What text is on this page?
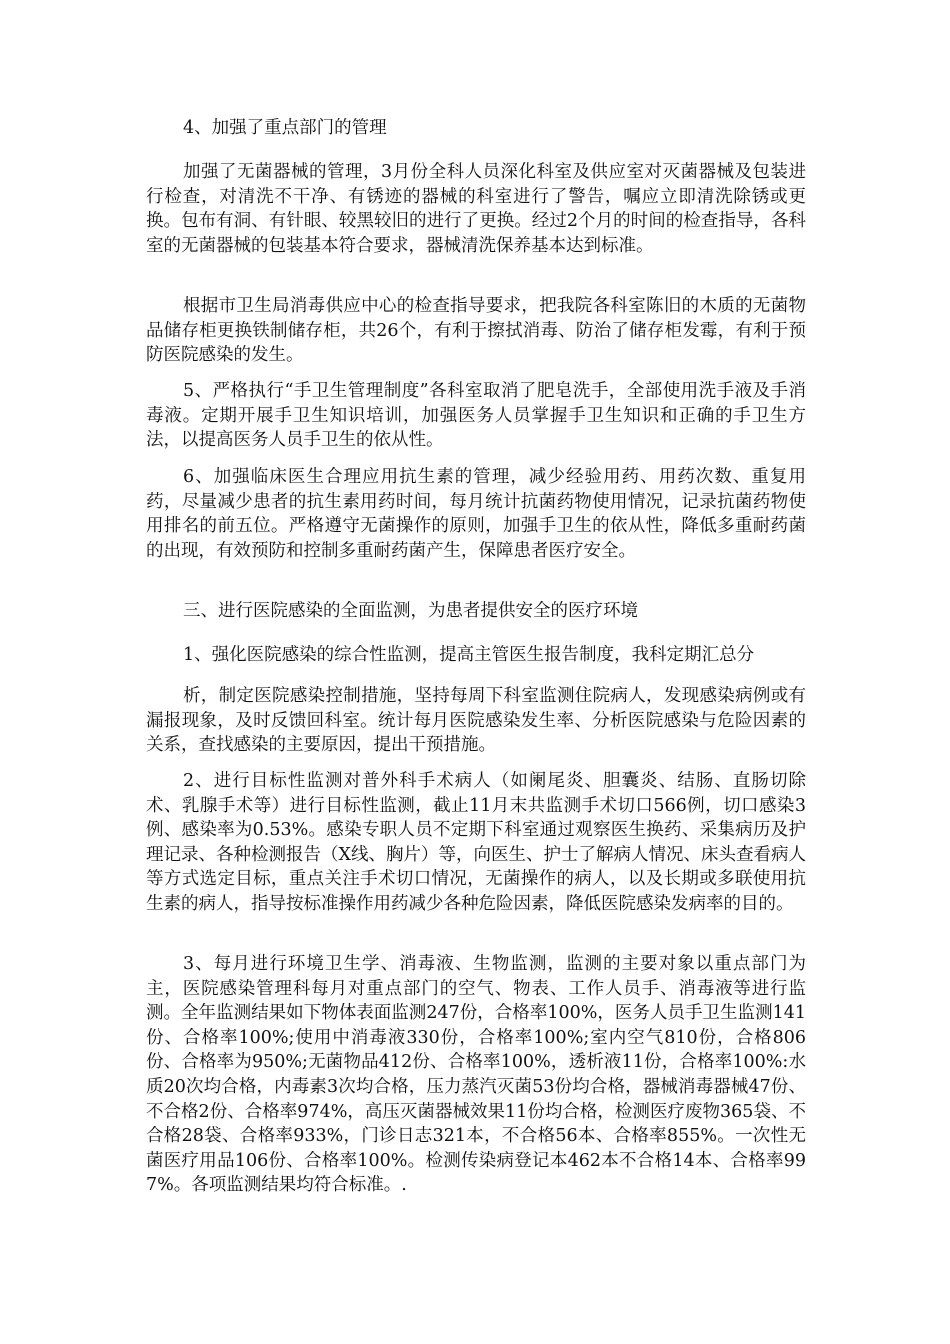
4、加强了重点部门的管理

加强了无菌器械的管理，3月份全科人员深化科室及供应室对灭菌器械及包装进行检查，对清洗不干净、有锈迹的器械的科室进行了警告，嘱应立即清洗除锈或更换。包布有洞、有针眼、较黑较旧的进行了更换。经过2个月的时间的检查指导，各科室的无菌器械的包装基本符合要求，器械清洗保养基本达到标准。

根据市卫生局消毒供应中心的检查指导要求，把我院各科室陈旧的木质的无菌物品储存柜更换铁制储存柜，共26个，有利于擦拭消毒、防治了储存柜发霉，有利于预防医院感染的发生。

5、严格执行“手卫生管理制度”各科室取消了肥皂洗手，全部使用洗手液及手消毒液。定期开展手卫生知识培训，加强医务人员掌握手卫生知识和正确的手卫生方法，以提高医务人员手卫生的依从性。

6、加强临床医生合理应用抗生素的管理，减少经验用药、用药次数、重复用药，尽量减少患者的抗生素用药时间，每月统计抗菌药物使用情况，记录抗菌药物使用排名的前五位。严格遵守无菌操作的原则，加强手卫生的依从性，降低多重耐药菌的出现，有效预防和控制多重耐药菌产生，保障患者医疗安全。

三、进行医院感染的全面监测，为患者提供安全的医疗环境

1、强化医院感染的综合性监测，提高主管医生报告制度，我科定期汇总分

析，制定医院感染控制措施，坚持每周下科室监测住院病人，发现感染病例或有漏报现象，及时反馈回科室。统计每月医院感染发生率、分析医院感染与危险因素的关系，查找感染的主要原因，提出干预措施。

2、进行目标性监测对普外科手术病人（如阑尾炎、胆囊炎、结肠、直肠切除术、乳腺手术等）进行目标性监测，截止11月末共监测手术切口566例，切口感染3例、感染率为0.53%。感染专职人员不定期下科室通过观察医生换药、采集病历及护理记录、各种检测报告（X线、胸片）等，向医生、护士了解病人情况、床头查看病人等方式选定目标，重点关注手术切口情况，无菌操作的病人，以及长期或多联使用抗生素的病人，指导按标准操作用药减少各种危险因素，降低医院感染发病率的目的。

3、每月进行环境卫生学、消毒液、生物监测，监测的主要对象以重点部门为主，医院感染管理科每月对重点部门的空气、物表、工作人员手、消毒液等进行监测。全年监测结果如下物体表面监测247份，合格率100%，医务人员手卫生监测141份、合格率100%;使用中消毒液330份，合格率100%;室内空气810份，合格806份、合格率为950%;无菌物品412份、合格率100%，透析液11份，合格率100%:水质20次均合格，内毒素3次均合格，压力蒸汽灭菌53份均合格，器械消毒器械47份、不合格2份、合格率974%，高压灭菌器械效果11份均合格，检测医疗废物365袋、不合格28袋、合格率933%，门诊日志321本，不合格56本、合格率855%。一次性无菌医疗用品106份、合格率100%。检测传染病登记本462本不合格14本、合格率997%。各项监测结果均符合标准。.
